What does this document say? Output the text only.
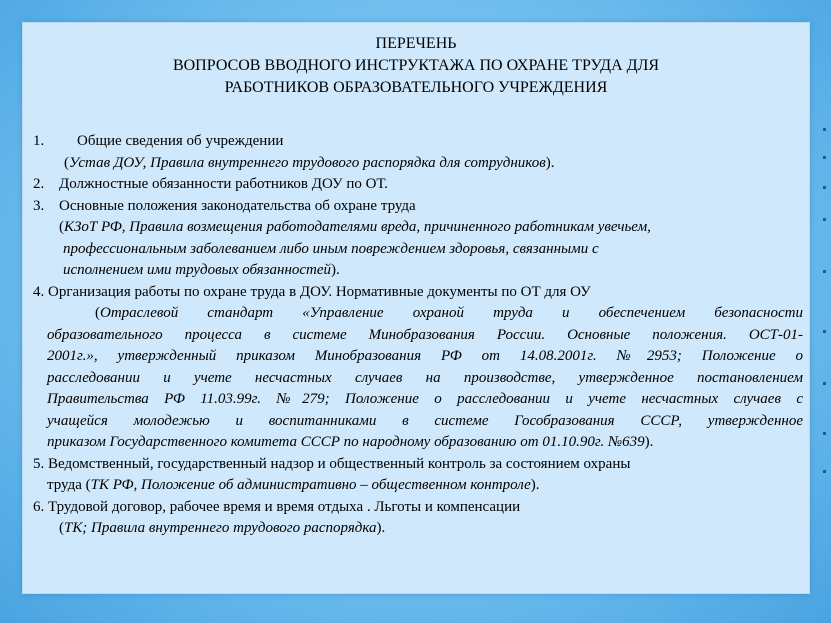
ПЕРЕЧЕНЬ
ВОПРОСОВ ВВОДНОГО ИНСТРУКТАЖА ПО ОХРАНЕ ТРУДА ДЛЯ
РАБОТНИКОВ ОБРАЗОВАТЕЛЬНОГО УЧРЕЖДЕНИЯ
1. Общие сведения об учреждении
(Устав ДОУ, Правила внутреннего трудового распорядка для сотрудников).
2. Должностные обязанности работников ДОУ по ОТ.
3. Основные положения законодательства об охране труда
(КЗоТ РФ, Правила возмещения работодателями вреда, причиненного работникам увечьем,
профессиональным заболеванием либо иным повреждением здоровья, связанными с
исполнением ими трудовых обязанностей).
4. Организация работы по охране труда в ДОУ. Нормативные документы по ОТ для ОУ
(Отраслевой стандарт «Управление охраной труда и обеспечением безопасности
образовательного процесса в системе Минобразования России. Основные положения. ОСТ-01-
2001г.», утвержденный приказом Минобразования РФ от 14.08.2001г. №2953; Положение о
расследовании и учете несчастных случаев на производстве, утвержденное постановлением
Правительства РФ 11.03.99г. №279; Положение о расследовании и учете несчастных случаев с
учащейся молодежью и воспитанниками в системе Гособразования СССР, утвержденное
приказом Государственного комитета СССР по народному образованию от 01.10.90г. №639).
5. Ведомственный, государственный надзор и общественный контроль за состоянием охраны
труда (ТК РФ, Положение об административно – общественном контроле).
6. Трудовой договор, рабочее время и время отдыха . Льготы и компенсации
(ТК; Правила внутреннего трудового распорядка).
